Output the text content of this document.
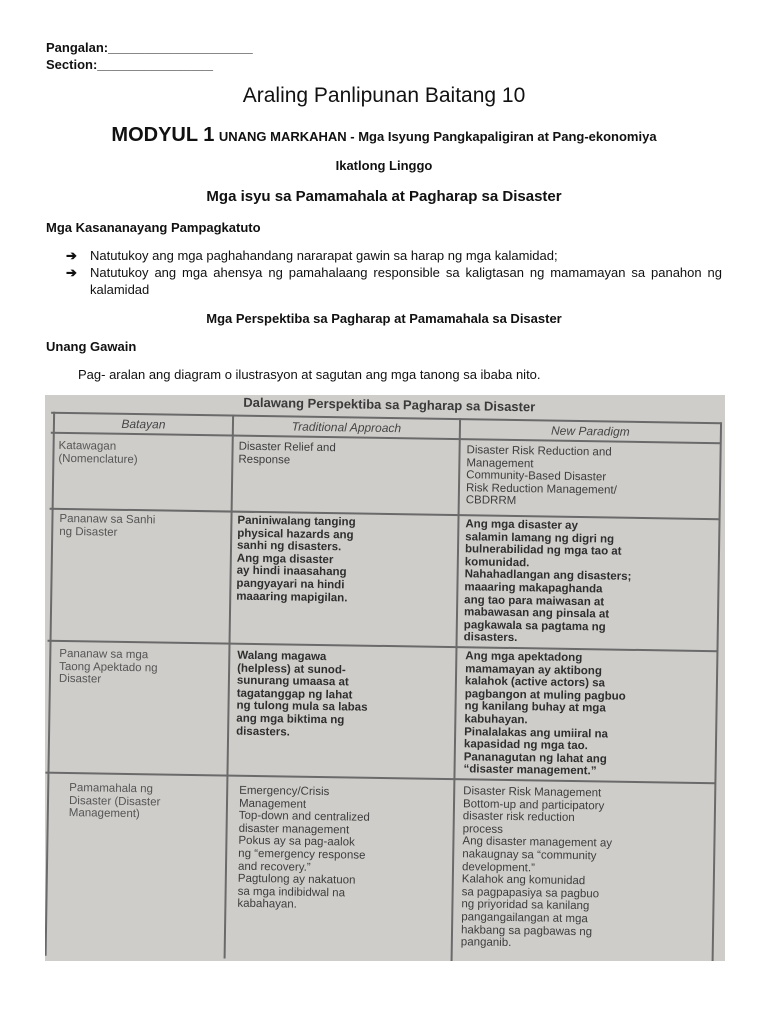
Pangalan:____________________
Section:________________
Araling Panlipunan Baitang 10
MODYUL 1 UNANG MARKAHAN - Mga Isyung Pangkapaligiran at Pang-ekonomiya
Ikatlong Linggo
Mga isyu sa Pamamahala at Pagharap sa Disaster
Mga Kasananayang Pampagkatuto
➔ Natutukoy ang mga paghahandang nararapat gawin sa harap ng mga kalamidad;
➔ Natutukoy ang mga ahensya ng pamahalaang responsible sa kaligtasan ng mamamayan sa panahon ng kalamidad
Mga Perspektiba sa Pagharap at Pamamahala sa Disaster
Unang Gawain
Pag- aralan ang diagram o ilustrasyon at sagutan ang mga tanong sa ibaba nito.
Dalawang Perspektiba sa Pagharap sa Disaster
Batayan	Traditional Approach	New Paradigm
Katawagan
(Nomenclature)
Disaster Relief and
Response
Disaster Risk Reduction and
Management
Community-Based Disaster
Risk Reduction Management/
CBDRRM
Pananaw sa Sanhi
ng Disaster
Paniniwalang tanging
physical hazards ang
sanhi ng disasters.
Ang mga disaster
ay hindi inaasahang
pangyayari na hindi
maaaring mapigilan.
Ang mga disaster ay
salamin lamang ng digri ng
bulnerabilidad ng mga tao at
komunidad.
Nahahadlangan ang disasters;
maaaring makapaghanda
ang tao para maiwasan at
mabawasan ang pinsala at
pagkawala sa pagtama ng
disasters.
Pananaw sa mga
Taong Apektado ng
Disaster
Walang magawa
(helpless) at sunod-
sunurang umaasa at
tagatanggap ng lahat
ng tulong mula sa labas
ang mga biktima ng
disasters.
Ang mga apektadong
mamamayan ay aktibong
kalahok (active actors) sa
pagbangon at muling pagbuo
ng kanilang buhay at mga
kabuhayan.
Pinalalakas ang umiiral na
kapasidad ng mga tao.
Pananagutan ng lahat ang
“disaster management.”
Pamamahala ng
Disaster (Disaster
Management)
Emergency/Crisis
Management
Top-down and centralized
disaster management
Pokus ay sa pag-aalok
ng “emergency response
and recovery.”
Pagtulong ay nakatuon
sa mga indibidwal na
kabahayan.
Disaster Risk Management
Bottom-up and participatory
disaster risk reduction
process
Ang disaster management ay
nakaugnay sa “community
development.”
Kalahok ang komunidad
sa pagpapasiya sa pagbuo
ng priyoridad sa kanilang
pangangailangan at mga
hakbang sa pagbawas ng
panganib.
